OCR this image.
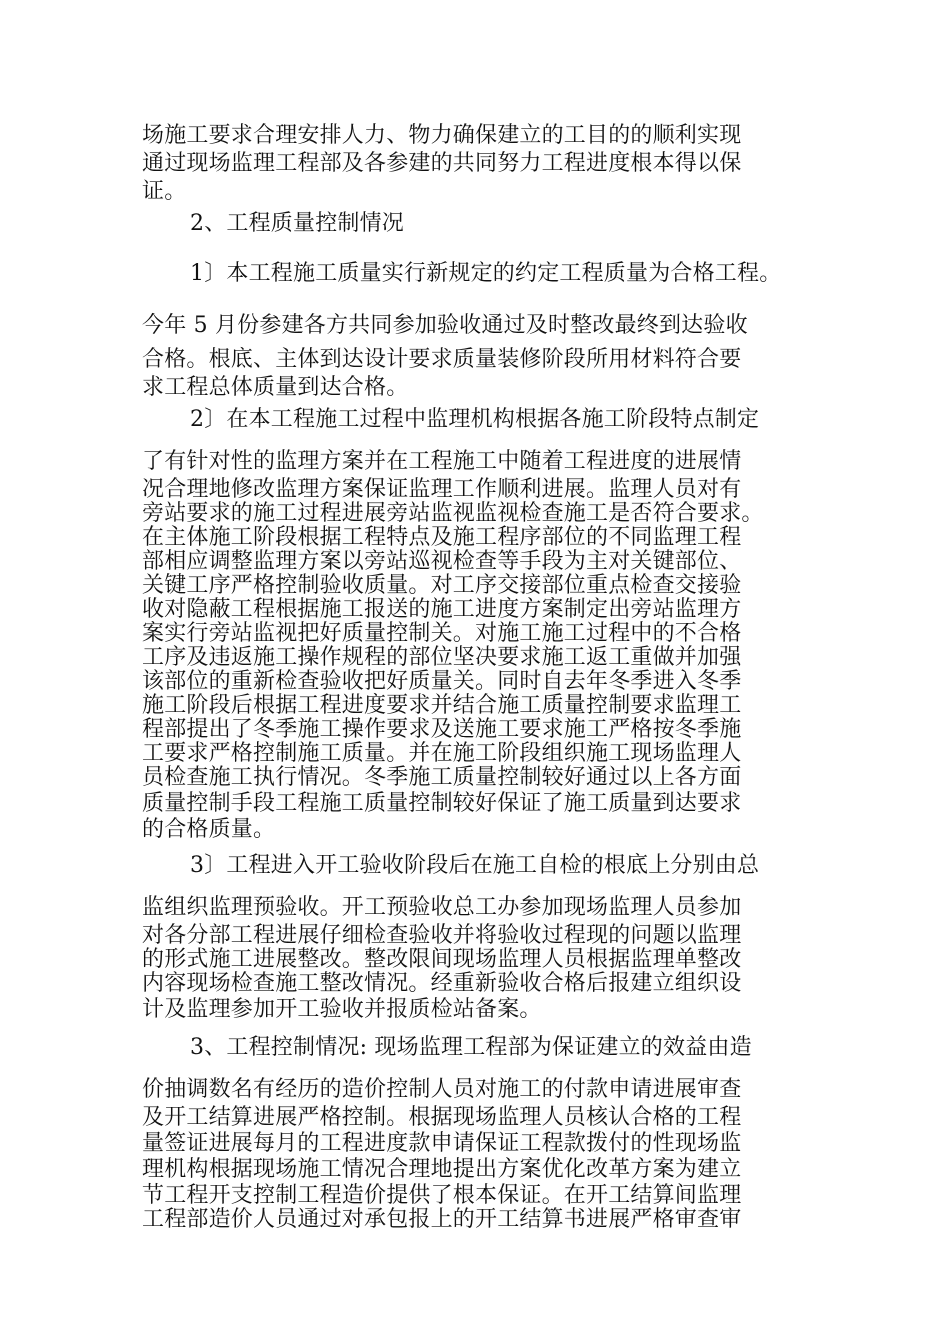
场施工要求合理安排人力、物力确保建立的工目的的顺利实现
通过现场监理工程部及各参建的共同努力工程进度根本得以保
证。
2、工程质量控制情况
1〕本工程施工质量实行新规定的约定工程质量为合格工程。
今年 5 月份参建各方共同参加验收通过及时整改最终到达验收
合格。根底、主体到达设计要求质量装修阶段所用材料符合要
求工程总体质量到达合格。
2〕在本工程施工过程中监理机构根据各施工阶段特点制定
了有针对性的监理方案并在工程施工中随着工程进度的进展情
况合理地修改监理方案保证监理工作顺利进展。监理人员对有
旁站要求的施工过程进展旁站监视监视检查施工是否符合要求。
在主体施工阶段根据工程特点及施工程序部位的不同监理工程
部相应调整监理方案以旁站巡视检查等手段为主对关键部位、
关键工序严格控制验收质量。对工序交接部位重点检查交接验
收对隐蔽工程根据施工报送的施工进度方案制定出旁站监理方
案实行旁站监视把好质量控制关。对施工施工过程中的不合格
工序及违返施工操作规程的部位坚决要求施工返工重做并加强
该部位的重新检查验收把好质量关。同时自去年冬季进入冬季
施工阶段后根据工程进度要求并结合施工质量控制要求监理工
程部提出了冬季施工操作要求及送施工要求施工严格按冬季施
工要求严格控制施工质量。并在施工阶段组织施工现场监理人
员检查施工执行情况。冬季施工质量控制较好通过以上各方面
质量控制手段工程施工质量控制较好保证了施工质量到达要求
的合格质量。
3〕工程进入开工验收阶段后在施工自检的根底上分别由总
监组织监理预验收。开工预验收总工办参加现场监理人员参加
对各分部工程进展仔细检查验收并将验收过程现的问题以监理
的形式施工进展整改。整改限间现场监理人员根据监理单整改
内容现场检查施工整改情况。经重新验收合格后报建立组织设
计及监理参加开工验收并报质检站备案。
3、工程控制情况: 现场监理工程部为保证建立的效益由造
价抽调数名有经历的造价控制人员对施工的付款申请进展审查
及开工结算进展严格控制。根据现场监理人员核认合格的工程
量签证进展每月的工程进度款申请保证工程款拨付的性现场监
理机构根据现场施工情况合理地提出方案优化改革方案为建立
节工程开支控制工程造价提供了根本保证。在开工结算间监理
工程部造价人员通过对承包报上的开工结算书进展严格审查审
